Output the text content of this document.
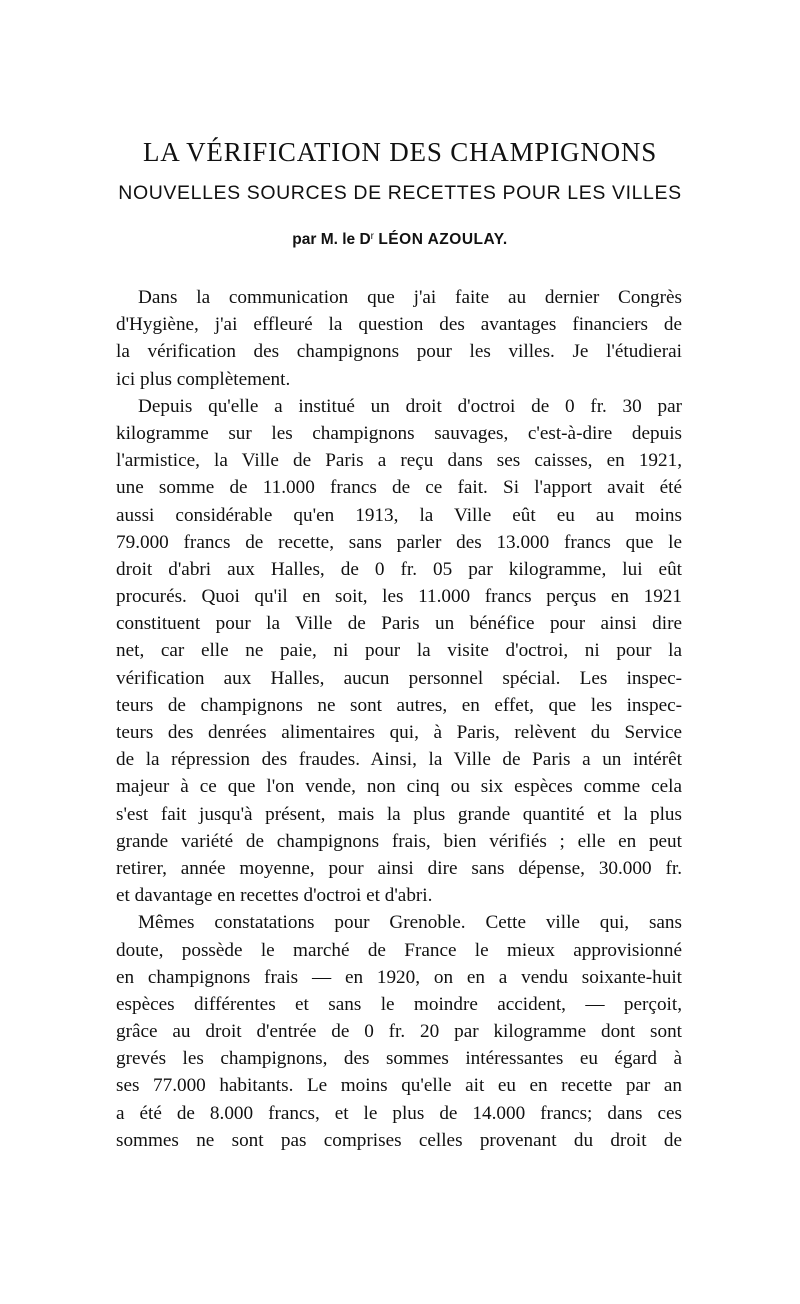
LA VÉRIFICATION DES CHAMPIGNONS
NOUVELLES SOURCES DE RECETTES POUR LES VILLES
par M. le $D^r$ LÉON AZOULAY.
Dans la communication que j'ai faite au dernier Congrès
d'Hygiène, j'ai effleuré la question des avantages financiers de
la vérification des champignons pour les villes. Je l'étudierai
ici plus complètement.
Depuis qu'elle a institué un droit d'octroi de 0 fr. 30 par
kilogramme sur les champignons sauvages, c'est-à-dire depuis
l'armistice, la Ville de Paris a reçu dans ses caisses, en 1921,
une somme de 11.000 francs de ce fait. Si l'apport avait été
aussi considérable qu'en 1913, la Ville eût eu au moins
79.000 francs de recette, sans parler des 13.000 francs que le
droit d'abri aux Halles, de 0 fr. 05 par kilogramme, lui eût
procurés. Quoi qu'il en soit, les 11.000 francs perçus en 1921
constituent pour la Ville de Paris un bénéfice pour ainsi dire
net, car elle ne paie, ni pour la visite d'octroi, ni pour la
vérification aux Halles, aucun personnel spécial. Les inspec-
teurs de champignons ne sont autres, en effet, que les inspec-
teurs des denrées alimentaires qui, à Paris, relèvent du Service
de la répression des fraudes. Ainsi, la Ville de Paris a un intérêt
majeur à ce que l'on vende, non cinq ou six espèces comme cela
s'est fait jusqu'à présent, mais la plus grande quantité et la plus
grande variété de champignons frais, bien vérifiés ; elle en peut
retirer, année moyenne, pour ainsi dire sans dépense, 30.000 fr.
et davantage en recettes d'octroi et d'abri.
Mêmes constatations pour Grenoble. Cette ville qui, sans
doute, possède le marché de France le mieux approvisionné
en champignons frais — en 1920, on en a vendu soixante-huit
espèces différentes et sans le moindre accident, — perçoit,
grâce au droit d'entrée de 0 fr. 20 par kilogramme dont sont
grevés les champignons, des sommes intéressantes eu égard à
ses 77.000 habitants. Le moins qu'elle ait eu en recette par an
a été de 8.000 francs, et le plus de 14.000 francs; dans ces
sommes ne sont pas comprises celles provenant du droit de
